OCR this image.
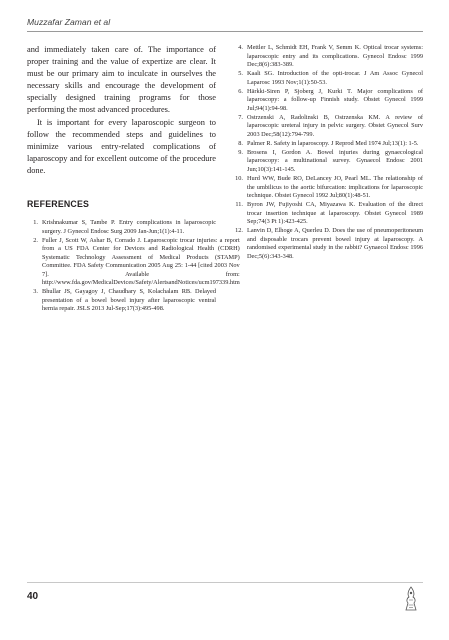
Muzzafar Zaman et al

and immediately taken care of. The importance of proper training and the value of expertize are clear. It must be our primary aim to inculcate in ourselves the necessary skills and encourage the development of specially designed training programs for those performing the most advanced procedures.

It is important for every laparoscopic surgeon to follow the recommended steps and guidelines to minimize various entry-related complications of laparoscopy and for excellent outcome of the procedure done.

REFERENCES
1. Krishnakumar S, Tambe P. Entry complications in laparoscopic surgery. J Gynecol Endosc Surg 2009 Jan-Jun;1(1):4-11.
2. Fuller J, Scott W, Ashar B, Corrado J. Laparoscopic trocar injuries: a report from a US FDA Center for Devices and Radiological Health (CDRH) Systematic Technology Assessment of Medical Products (STAMP) Committee. FDA Safety Communication 2005 Aug 25: 1-44 [cited 2003 Nov 7]. Available from: http://www.fda.gov/MedicalDevices/Safety/AlertsandNotices/ucm197339.htm
3. Bhullar JS, Gayagoy J, Chaudhary S, Kolachalam RB. Delayed presentation of a bowel bowel injury after laparoscopic ventral hernia repair. JSLS 2013 Jul-Sep;17(3):495-498.
4. Mettler L, Schmidt EH, Frank V, Semm K. Optical trocar systems: laparoscopic entry and its complications. Gynecol Endosc 1999 Dec;8(6):383-389.
5. Kaali SG. Introduction of the opti-trocar. J Am Assoc Gynecol Laparosc 1993 Nov;1(1):50-53.
6. Härkki-Siren P, Sjoberg J, Kurki T. Major complications of laparoscopy: a follow-up Finnish study. Obstet Gynecol 1999 Jul;94(1):94-98.
7. Ostrzenski A, Radolinski B, Ostrzenska KM. A review of laparoscopic ureteral injury in pelvic surgery. Obstet Gynecol Surv 2003 Dec;58(12):794-799.
8. Palmer R. Safety in laparoscopy. J Reprod Med 1974 Jul;13(1): 1-5.
9. Brosens I, Gordon A. Bowel injuries during gynaecological laparoscopy: a multinational survey. Gynaecol Endosc 2001 Jun;10(3):141-145.
10. Hurd WW, Bude RO, DeLancey JO, Pearl ML. The relationship of the umbilicus to the aortic bifurcation: implications for laparoscopic technique. Obstet Gynecol 1992 Jul;80(1):48-51.
11. Byron JW, Fujiyoshi CA, Miyazawa K. Evaluation of the direct trocar insertion technique at laparoscopy. Obstet Gynecol 1989 Sep;74(3 Pt 1):423-425.
12. Lanvin D, Elhoge A, Querleu D. Does the use of pneumoperitoneum and disposable trocars prevent bowel injury at laparoscopy. A randomised experimental study in the rabbit? Gynaecol Endosc 1996 Dec;5(6):343-348.
40
